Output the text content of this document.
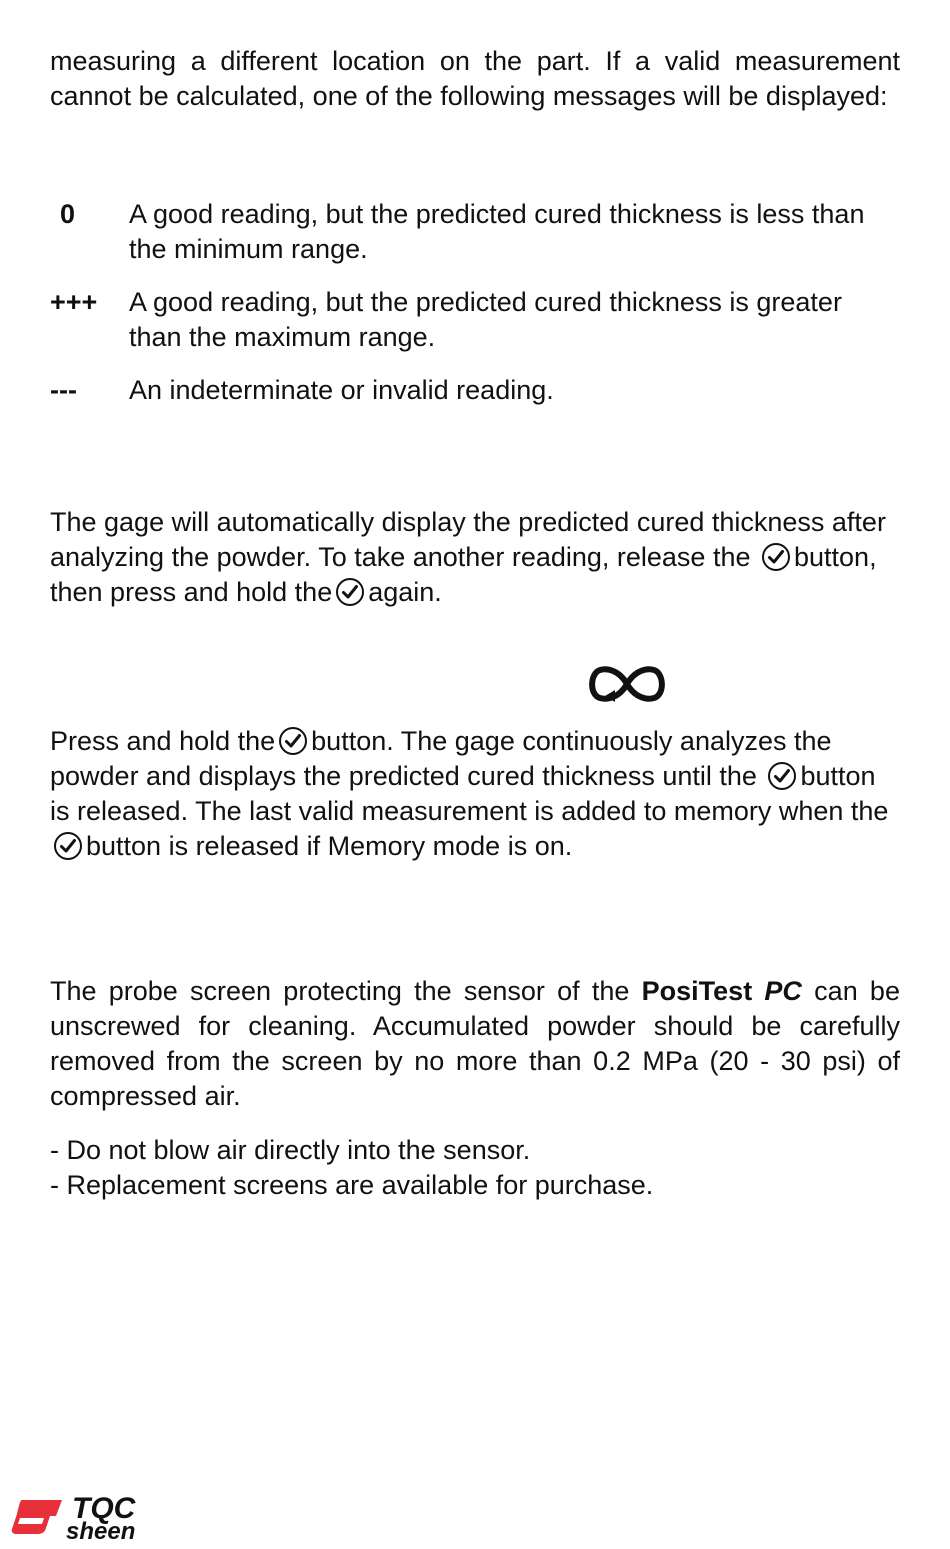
measuring a different location on the part. If a valid measurement cannot be calculated, one of the following messages will be displayed:

0 A good reading, but the predicted cured thickness is less than the minimum range.
+++ A good reading, but the predicted cured thickness is greater than the maximum range.
--- An indeterminate or invalid reading.

The gage will automatically display the predicted cured thickness after analyzing the powder. To take another reading, release the button, then press and hold the again.

Press and hold the button. The gage continuously analyzes the powder and displays the predicted cured thickness until the button is released. The last valid measurement is added to memory when the
button is released if Memory mode is on.

The probe screen protecting the sensor of the PosiTest PC can be unscrewed for cleaning. Accumulated powder should be carefully removed from the screen by no more than 0.2 MPa (20 - 30 psi) of compressed air.

- Do not blow air directly into the sensor.
- Replacement screens are available for purchase.
TQC
sheen
